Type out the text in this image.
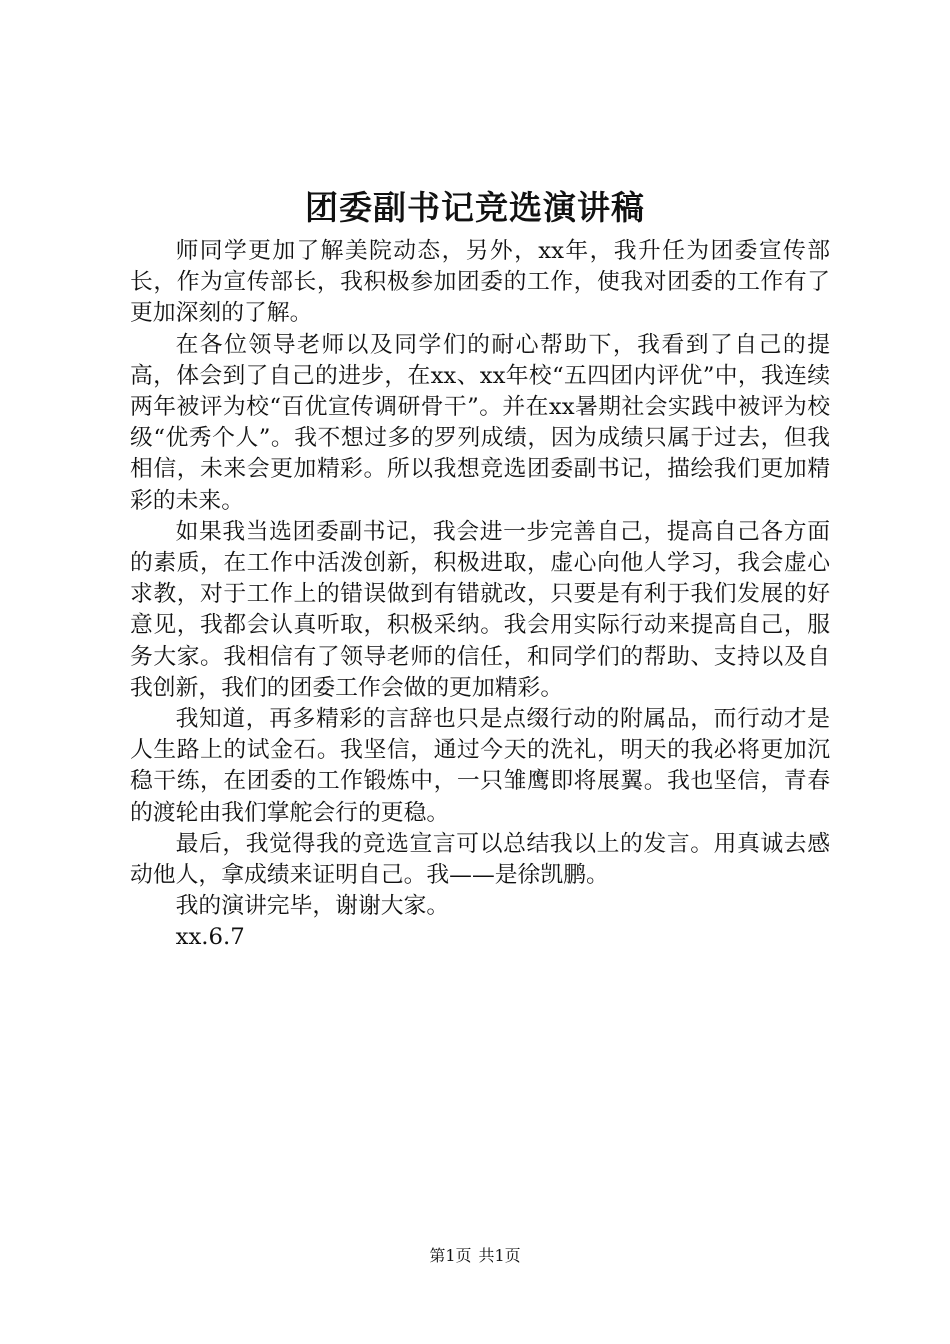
团委副书记竞选演讲稿

师同学更加了解美院动态，另外，xx年，我升任为团委宣传部长，作为宣传部长，我积极参加团委的工作，使我对团委的工作有了更加深刻的了解。

在各位领导老师以及同学们的耐心帮助下，我看到了自己的提高，体会到了自己的进步，在xx、xx年校“五四团内评优”中，我连续两年被评为校“百优宣传调研骨干”。并在xx暑期社会实践中被评为校级“优秀个人”。我不想过多的罗列成绩，因为成绩只属于过去，但我相信，未来会更加精彩。所以我想竞选团委副书记，描绘我们更加精彩的未来。

如果我当选团委副书记，我会进一步完善自己，提高自己各方面的素质，在工作中活泼创新，积极进取，虚心向他人学习，我会虚心求教，对于工作上的错误做到有错就改，只要是有利于我们发展的好意见，我都会认真听取，积极采纳。我会用实际行动来提高自己，服务大家。我相信有了领导老师的信任，和同学们的帮助、支持以及自我创新，我们的团委工作会做的更加精彩。

我知道，再多精彩的言辞也只是点缀行动的附属品，而行动才是人生路上的试金石。我坚信，通过今天的洗礼，明天的我必将更加沉稳干练，在团委的工作锻炼中，一只雏鹰即将展翼。我也坚信，青春的渡轮由我们掌舵会行的更稳。

最后，我觉得我的竞选宣言可以总结我以上的发言。用真诚去感动他人，拿成绩来证明自己。我——是徐凯鹏。

我的演讲完毕，谢谢大家。

xx.6.7

第1页 共1页
